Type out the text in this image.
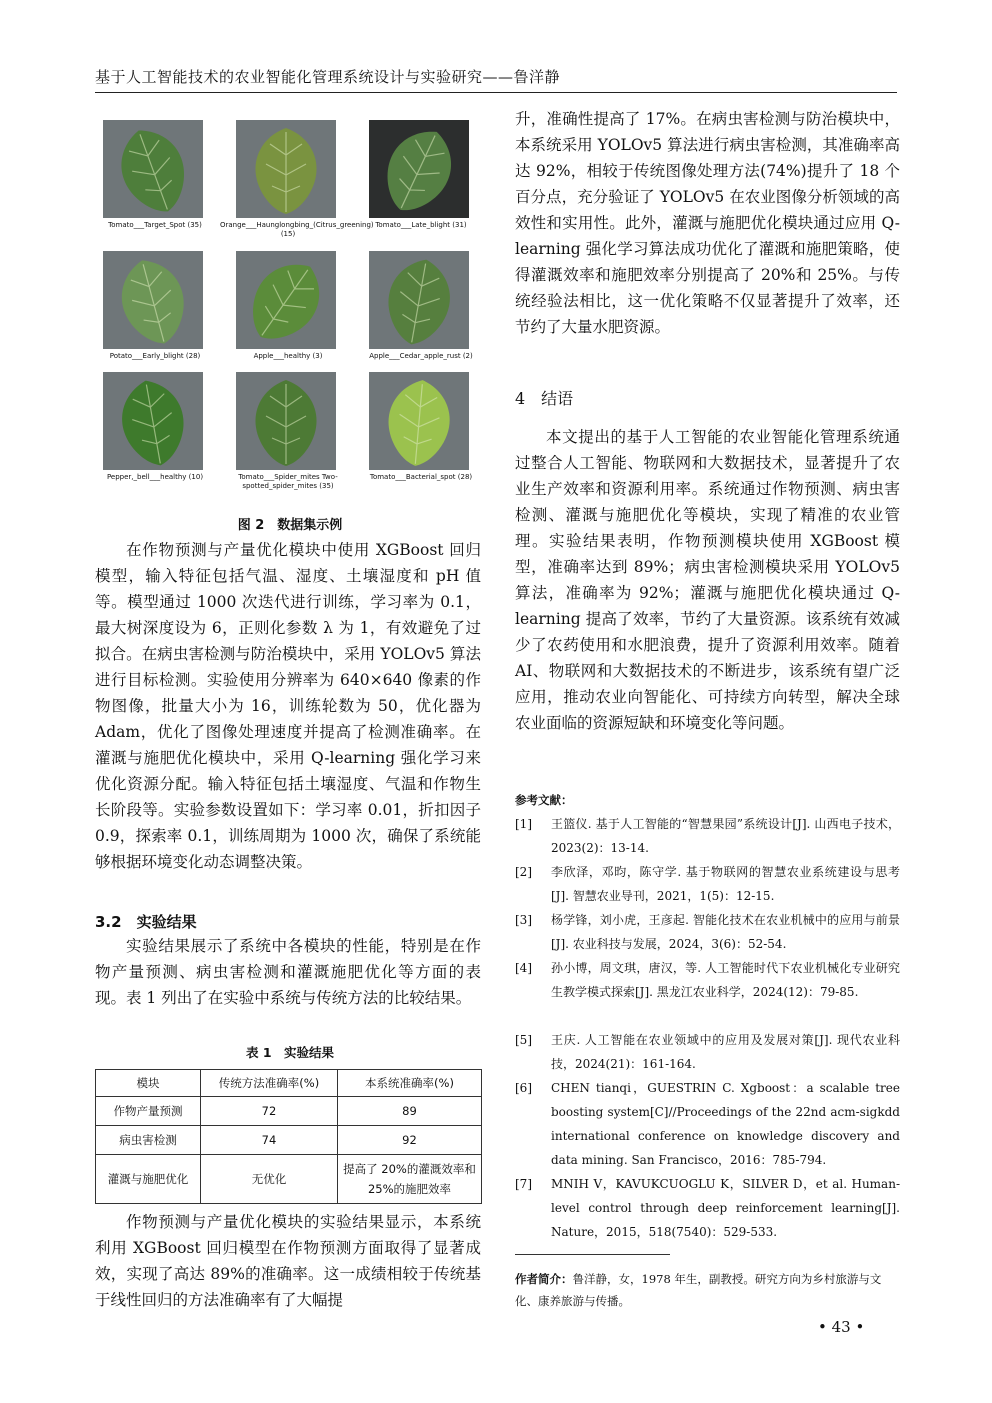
基于人工智能技术的农业智能化管理系统设计与实验研究——鲁洋静
Tomato___Target_Spot (35)	Orange___Haunglongbing_(Citrus_greening) (15)
Tomato___Late_blight (31)
Potato___Early_blight (28)	Apple___healthy (3)	Apple___Cedar_apple_rust (2)
Pepper,_bell___healthy (10)	Tomato___Spider_mites Two-spotted_spider_mites (35)
Tomato___Bacterial_spot (28)
图 2　数据集示例
在作物预测与产量优化模块中使用 XGBoost 回归模型，输入特征包括气温、湿度、土壤湿度和 pH 值等。模型通过 1000 次迭代进行训练，学习率为 0.1，最大树深度设为 6，正则化参数 λ 为 1，有效避免了过拟合。在病虫害检测与防治模块中，采用 YOLOv5 算法进行目标检测。实验使用分辨率为 640×640 像素的作物图像，批量大小为 16，训练轮数为 50，优化器为 Adam，优化了图像处理速度并提高了检测准确率。在灌溉与施肥优化模块中，采用 Q-learning 强化学习来优化资源分配。输入特征包括土壤湿度、气温和作物生长阶段等。实验参数设置如下：学习率 0.01，折扣因子 0.9，探索率 0.1，训练周期为 1000 次，确保了系统能够根据环境变化动态调整决策。
3.2　实验结果
实验结果展示了系统中各模块的性能，特别是在作物产量预测、病虫害检测和灌溉施肥优化等方面的表现。表 1 列出了在实验中系统与传统方法的比较结果。
表 1　实验结果
模块	传统方法准确率(%)	本系统准确率(%)
作物产量预测	72	89
病虫害检测	74	92
灌溉与施肥优化	无优化	提高了 20%的灌溉效率和 25%的施肥效率
作物预测与产量优化模块的实验结果显示，本系统利用 XGBoost 回归模型在作物预测方面取得了显著成效，实现了高达 89%的准确率。这一成绩相较于传统基于线性回归的方法准确率有了大幅提
升，准确性提高了 17%。在病虫害检测与防治模块中，本系统采用 YOLOv5 算法进行病虫害检测，其准确率高达 92%，相较于传统图像处理方法(74%)提升了 18 个百分点，充分验证了 YOLOv5 在农业图像分析领域的高效性和实用性。此外，灌溉与施肥优化模块通过应用 Q-learning 强化学习算法成功优化了灌溉和施肥策略，使得灌溉效率和施肥效率分别提高了 20%和 25%。与传统经验法相比，这一优化策略不仅显著提升了效率，还节约了大量水肥资源。
4　结语
本文提出的基于人工智能的农业智能化管理系统通过整合人工智能、物联网和大数据技术，显著提升了农业生产效率和资源利用率。系统通过作物预测、病虫害检测、灌溉与施肥优化等模块，实现了精准的农业管理。实验结果表明，作物预测模块使用 XGBoost 模型，准确率达到 89%；病虫害检测模块采用 YOLOv5 算法，准确率为 92%；灌溉与施肥优化模块通过 Q-learning 提高了效率，节约了大量资源。该系统有效减少了农药使用和水肥浪费，提升了资源利用效率。随着 AI、物联网和大数据技术的不断进步，该系统有望广泛应用，推动农业向智能化、可持续方向转型，解决全球农业面临的资源短缺和环境变化等问题。
参考文献：
[1]	王篮仪. 基于人工智能的“智慧果园”系统设计[J]. 山西电子技术，2023(2)：13-14.
[2]	李欣泽，邓昀，陈守学. 基于物联网的智慧农业系统建设与思考[J]. 智慧农业导刊，2021，1(5)：12-15.
[3]	杨学锋，刘小虎，王彦起. 智能化技术在农业机械中的应用与前景[J]. 农业科技与发展，2024，3(6)：52-54.
[4]	孙小博，周文琪，唐汉，等. 人工智能时代下农业机械化专业研究生教学模式探索[J]. 黑龙江农业科学，2024(12)：79-85.
[5]	王庆. 人工智能在农业领域中的应用及发展对策[J]. 现代农业科技，2024(21)：161-164.
[6]	CHEN tianqi，GUESTRIN C. Xgboost：a scalable tree boosting system[C]//Proceedings of the 22nd acm-sigkdd international conference on knowledge discovery and data mining. San Francisco，2016：785-794.
[7]	MNIH V，KAVUKCUOGLU K，SILVER D，et al. Human-level control through deep reinforcement learning[J]. Nature，2015，518(7540)：529-533.
作者简介：鲁洋静，女，1978 年生，副教授。研究方向为乡村旅游与文化、康养旅游与传播。
• 43 •
